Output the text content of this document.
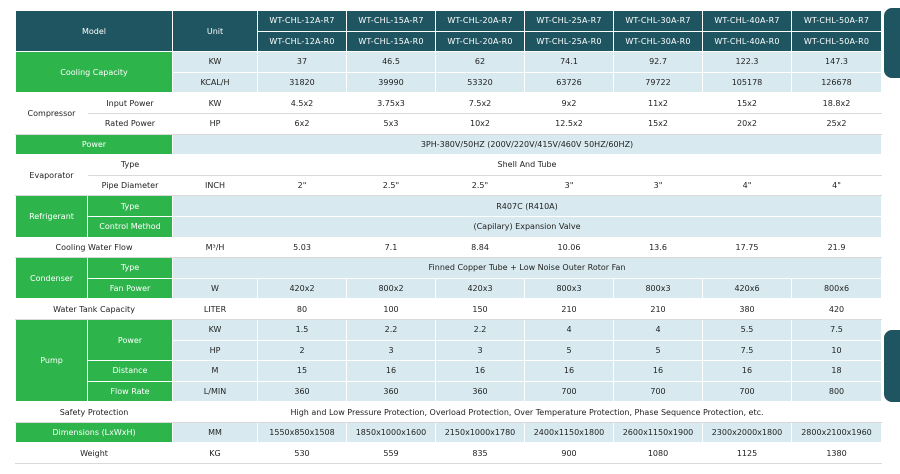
Model		Unit	WT-CHL-12A-R7	WT-CHL-15A-R7	WT-CHL-20A-R7	WT-CHL-25A-R7	WT-CHL-30A-R7	WT-CHL-40A-R7	WT-CHL-50A-R7
			WT-CHL-12A-R0	WT-CHL-15A-R0	WT-CHL-20A-R0	WT-CHL-25A-R0	WT-CHL-30A-R0	WT-CHL-40A-R0	WT-CHL-50A-R0
Cooling Capacity		KW	37	46.5	62	74.1	92.7	122.3	147.3
		KCAL/H	31820	39990	53320	63726	79722	105178	126678
Compressor	Input Power	KW	4.5x2	3.75x3	7.5x2	9x2	11x2	15x2	18.8x2
	Rated Power	HP	6x2	5x3	10x2	12.5x2	15x2	20x2	25x2
Power		3PH-380V/50HZ (200V/220V/415V/460V 50HZ/60HZ)							
Evaporator	Type	Shell And Tube							
	Pipe Diameter	INCH	2"	2.5"	2.5"	3"	3"	4"	4"
Refrigerant	Type	R407C (R410A)							
	Control Method	(Capilary) Expansion Valve							
Cooling Water Flow		M³/H	5.03	7.1	8.84	10.06	13.6	17.75	21.9
Condenser	Type	Finned Copper Tube + Low Noise Outer Rotor Fan							
	Fan Power	W	420x2	800x2	420x3	800x3	800x3	420x6	800x6
Water Tank Capacity		LITER	80	100	150	210	210	380	420
Pump	Power	KW	1.5	2.2	2.2	4	4	5.5	7.5
		HP	2	3	3	5	5	7.5	10
	Distance	M	15	16	16	16	16	16	18
	Flow Rate	L/MIN	360	360	360	700	700	700	800
Safety Protection		High and Low Pressure Protection, Overload Protection, Over Temperature Protection, Phase Sequence Protection, etc.							
Dimensions (LxWxH)		MM	1550x850x1508	1850x1000x1600	2150x1000x1780	2400x1150x1800	2600x1150x1900	2300x2000x1800	2800x2100x1960
Weight		KG	530	559	835	900	1080	1125	1380
